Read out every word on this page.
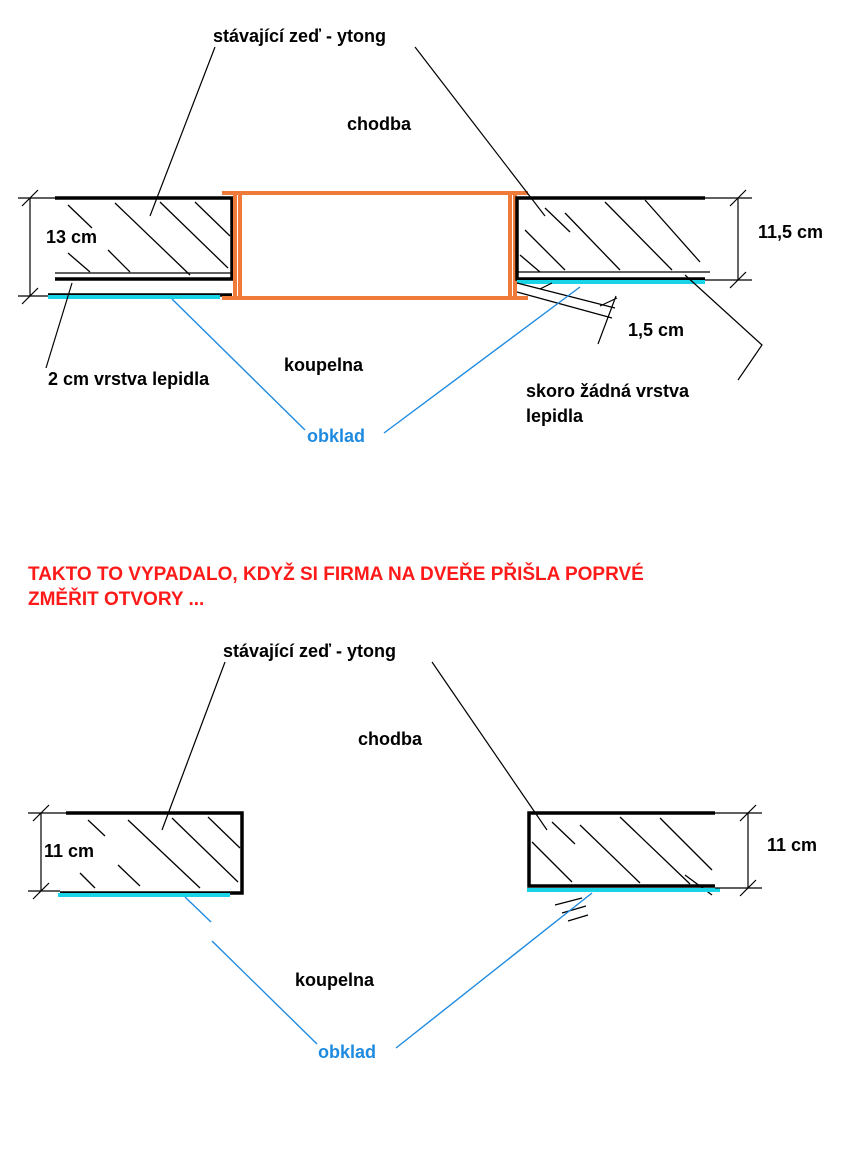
13 cm	11,5 cm
1,5 cm
stávající zeď - ytong
chodba
koupelna
2 cm vrstva lepidla
skoro žádná vrstva
lepidla
obklad
TAKTO TO VYPADALO, KDYŽ SI FIRMA NA DVEŘE PŘIŠLA POPRVÉ
ZMĚŘIT OTVORY ...
11 cm	11 cm
stávající zeď - ytong
chodba
koupelna
obklad
